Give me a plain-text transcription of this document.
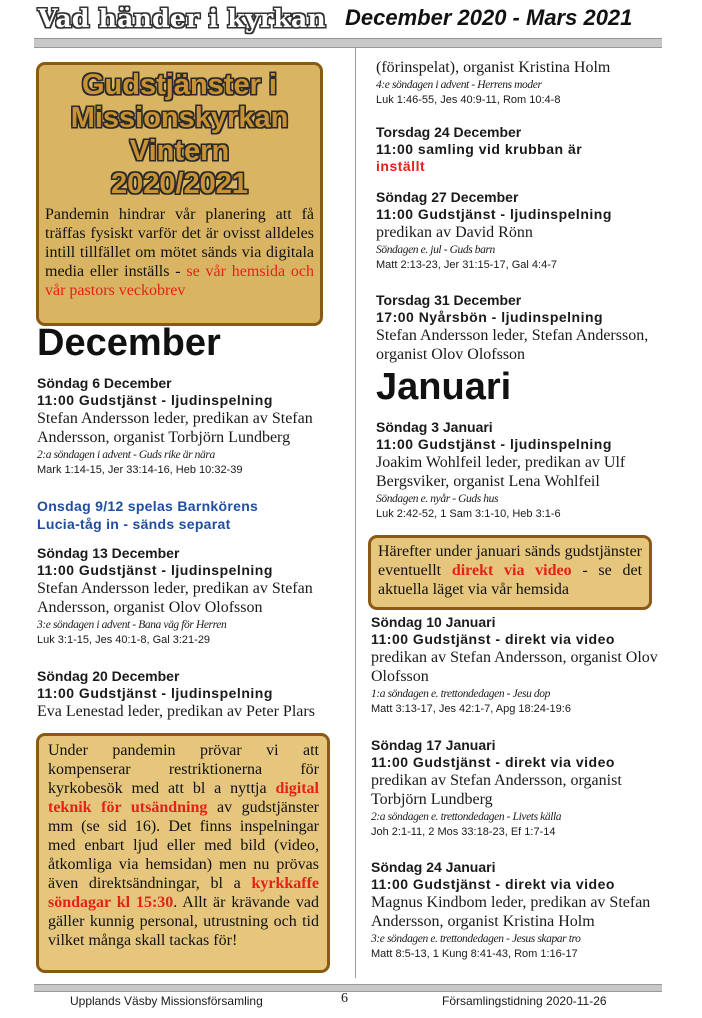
Vad händer i kyrkan December 2020 - Mars 2021
Gudstjänster i
Missionskyrkan
Vintern
2020/2021
Pandemin hindrar vår planering att få träffas fysiskt varför det är ovisst alldeles intill tillfället om mötet sänds via digitala media eller inställs - se vår hemsida och vår pastors veckobrev
December
Söndag 6 December
11:00 Gudstjänst - ljudinspelning
Stefan Andersson leder, predikan av Stefan Andersson, organist Torbjörn Lundberg
2:a söndagen i advent - Guds rike är nära
Mark 1:14-15, Jer 33:14-16, Heb 10:32-39
Onsdag 9/12 spelas Barnkörens
Lucia-tåg in - sänds separat
Söndag 13 December
11:00 Gudstjänst - ljudinspelning
Stefan Andersson leder, predikan av Stefan Andersson, organist Olov Olofsson
3:e söndagen i advent - Bana väg för Herren
Luk 3:1-15, Jes 40:1-8, Gal 3:21-29
Söndag 20 December
11:00 Gudstjänst - ljudinspelning
Eva Lenestad leder, predikan av Peter Plars
Under pandemin prövar vi att kompenserar restriktionerna för kyrkobesök med att bl a nyttja digital teknik för utsändning av gudstjänster mm (se sid 16). Det finns inspelningar med enbart ljud eller med bild (video, åtkomliga via hemsidan) men nu prövas även direktsändningar, bl a kyrkkaffe söndagar kl 15:30. Allt är krävande vad gäller kunnig personal, utrustning och tid vilket många skall tackas för!
(förinspelat), organist Kristina Holm
4:e söndagen i advent - Herrens moder
Luk 1:46-55, Jes 40:9-11, Rom 10:4-8
Torsdag 24 December
11:00 samling vid krubban är
inställt
Söndag 27 December
11:00 Gudstjänst - ljudinspelning
predikan av David Rönn
Söndagen e. jul - Guds barn
Matt 2:13-23, Jer 31:15-17, Gal 4:4-7
Torsdag 31 December
17:00 Nyårsbön - ljudinspelning
Stefan Andersson leder, Stefan Andersson, organist Olov Olofsson
Januari
Söndag 3 Januari
11:00 Gudstjänst - ljudinspelning
Joakim Wohlfeil leder, predikan av Ulf Bergsviker, organist Lena Wohlfeil
Söndagen e. nyår - Guds hus
Luk 2:42-52, 1 Sam 3:1-10, Heb 3:1-6
Härefter under januari sänds gudstjänster eventuellt direkt via video - se det aktuella läget via vår hemsida
Söndag 10 Januari
11:00 Gudstjänst - direkt via video
predikan av Stefan Andersson, organist Olov Olofsson
1:a söndagen e. trettondedagen - Jesu dop
Matt 3:13-17, Jes 42:1-7, Apg 18:24-19:6
Söndag 17 Januari
11:00 Gudstjänst - direkt via video
predikan av Stefan Andersson, organist Torbjörn Lundberg
2:a söndagen e. trettondedagen - Livets källa
Joh 2:1-11, 2 Mos 33:18-23, Ef 1:7-14
Söndag 24 Januari
11:00 Gudstjänst - direkt via video
Magnus Kindbom leder, predikan av Stefan Andersson, organist Kristina Holm
3:e söndagen e. trettondedagen - Jesus skapar tro
Matt 8:5-13, 1 Kung 8:41-43, Rom 1:16-17
Upplands Väsby Missionsförsamling	6	Församlingstidning 2020-11-26
